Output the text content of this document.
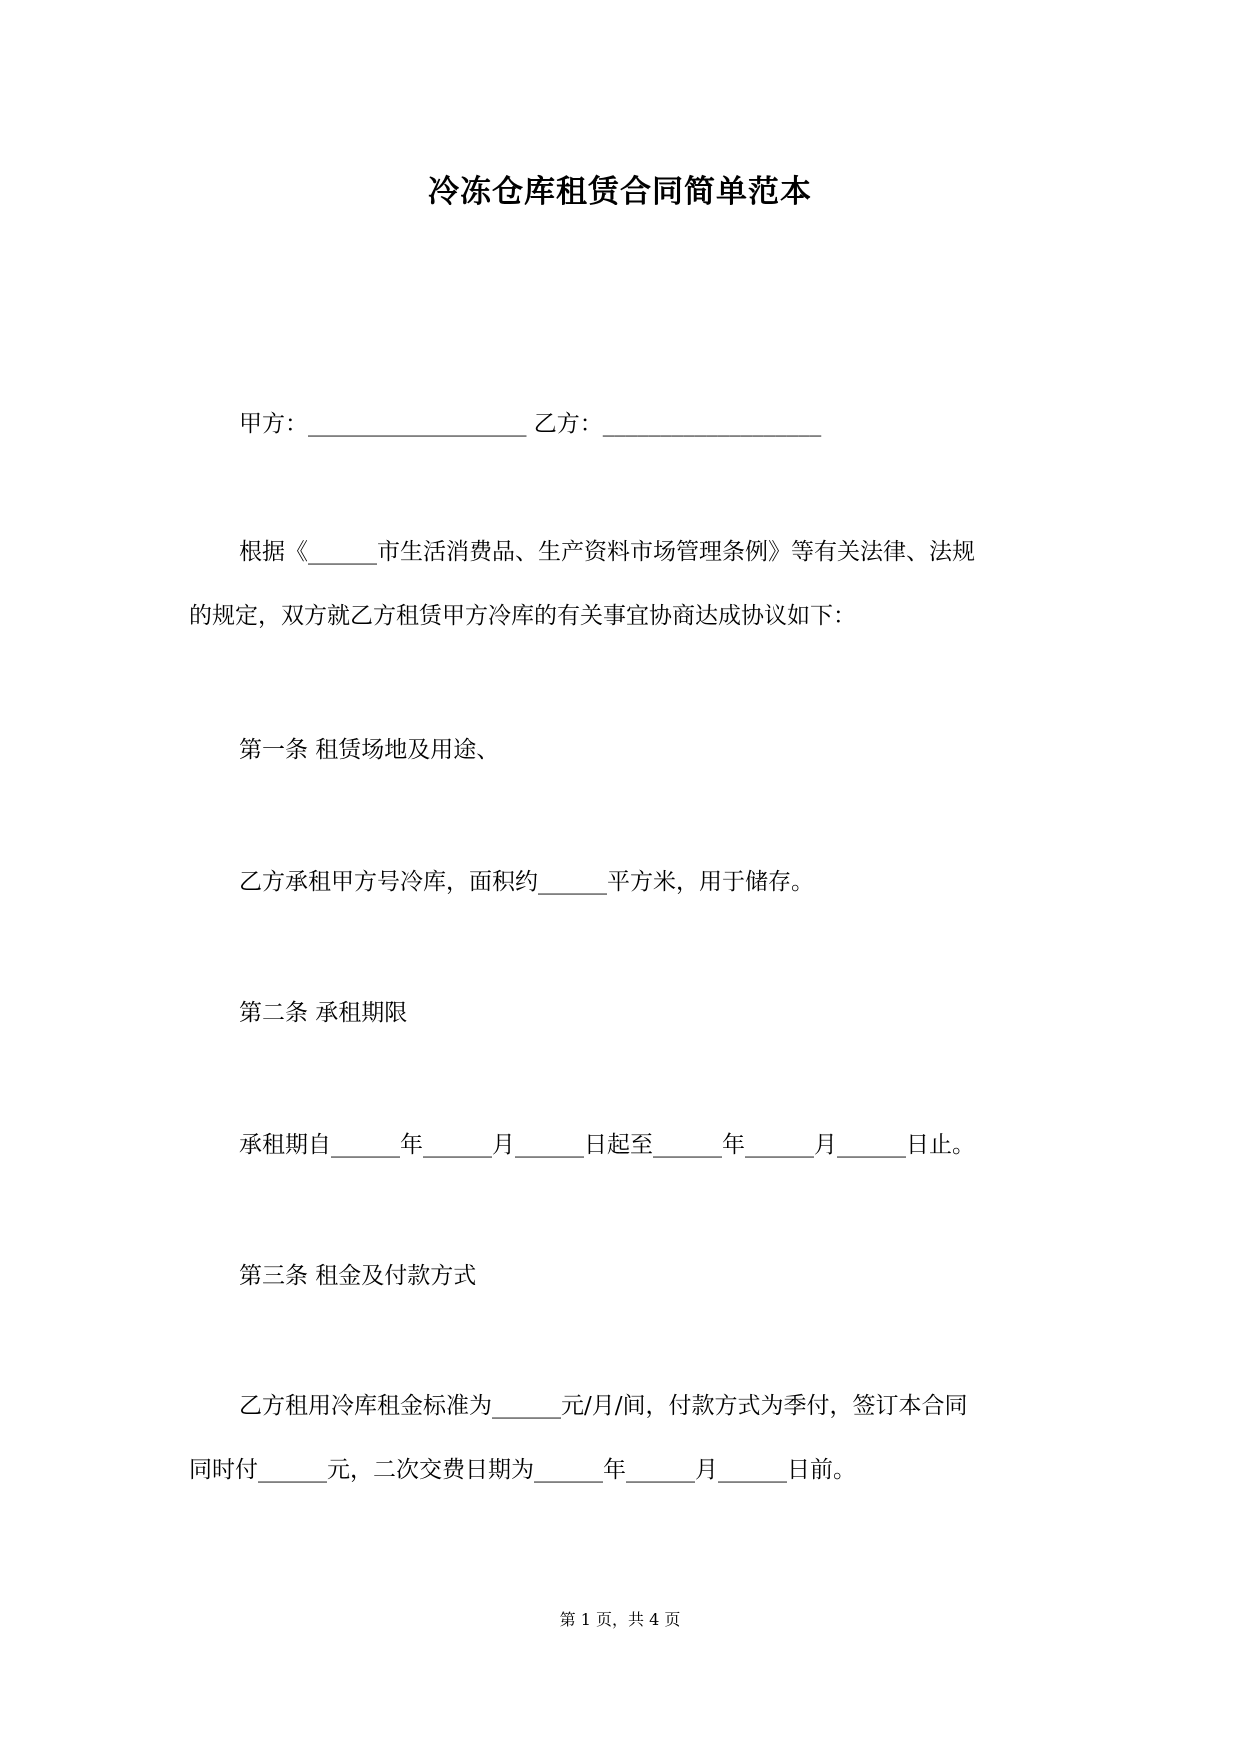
冷冻仓库租赁合同简单范本
甲方：___________________ 乙方：___________________
根据《______市生活消费品、生产资料市场管理条例》等有关法律、法规
的规定，双方就乙方租赁甲方冷库的有关事宜协商达成协议如下：
第一条 租赁场地及用途、
乙方承租甲方号冷库，面积约______平方米，用于储存。
第二条 承租期限
承租期自______年______月______日起至______年______月______日止。
第三条 租金及付款方式
乙方租用冷库租金标准为______元/月/间，付款方式为季付，签订本合同
同时付______元，二次交费日期为______年______月______日前。
第 1 页，共 4 页
